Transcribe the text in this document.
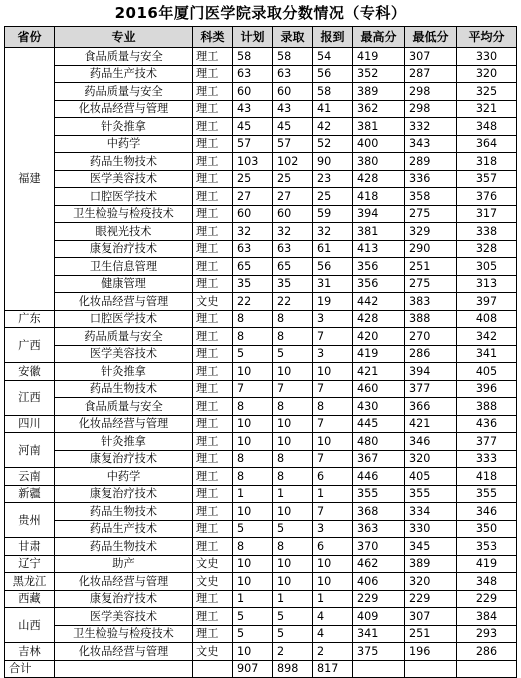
2016年厦门医学院录取分数情况（专科）
省份	专业	科类	计划	录取	报到	最高分	最低分	平均分
福建	食品质量与安全	理工	58	58	54	419	307	330
	药品生产技术	理工	63	63	56	352	287	320
	药品质量与安全	理工	60	60	58	389	298	325
	化妆品经营与管理	理工	43	43	41	362	298	321
	针灸推拿	理工	45	45	42	381	332	348
	中药学	理工	57	57	52	400	343	364
	药品生物技术	理工	103	102	90	380	289	318
	医学美容技术	理工	25	25	23	428	336	357
	口腔医学技术	理工	27	27	25	418	358	376
	卫生检验与检疫技术	理工	60	60	59	394	275	317
	眼视光技术	理工	32	32	32	381	329	338
	康复治疗技术	理工	63	63	61	413	290	328
	卫生信息管理	理工	65	65	56	356	251	305
	健康管理	理工	35	35	31	356	275	313
	化妆品经营与管理	文史	22	22	19	442	383	397
广东	口腔医学技术	理工	8	8	3	428	388	408
广西	药品质量与安全	理工	8	8	7	420	270	342
	医学美容技术	理工	5	5	3	419	286	341
安徽	针灸推拿	理工	10	10	10	421	394	405
江西	药品生物技术	理工	7	7	7	460	377	396
	食品质量与安全	理工	8	8	8	430	366	388
四川	化妆品经营与管理	理工	10	10	7	445	421	436
河南	针灸推拿	理工	10	10	10	480	346	377
	康复治疗技术	理工	8	8	7	367	320	333
云南	中药学	理工	8	8	6	446	405	418
新疆	康复治疗技术	理工	1	1	1	355	355	355
贵州	药品生物技术	理工	10	10	7	368	334	346
	药品生产技术	理工	5	5	3	363	330	350
甘肃	药品生物技术	理工	8	8	6	370	345	353
辽宁	助产	文史	10	10	10	462	389	419
黑龙江	化妆品经营与管理	文史	10	10	10	406	320	348
西藏	康复治疗技术	理工	1	1	1	229	229	229
山西	医学美容技术	理工	5	5	4	409	307	384
	卫生检验与检疫技术	理工	5	5	4	341	251	293
吉林	化妆品经营与管理	文史	10	2	2	375	196	286
合计			907	898	817			
